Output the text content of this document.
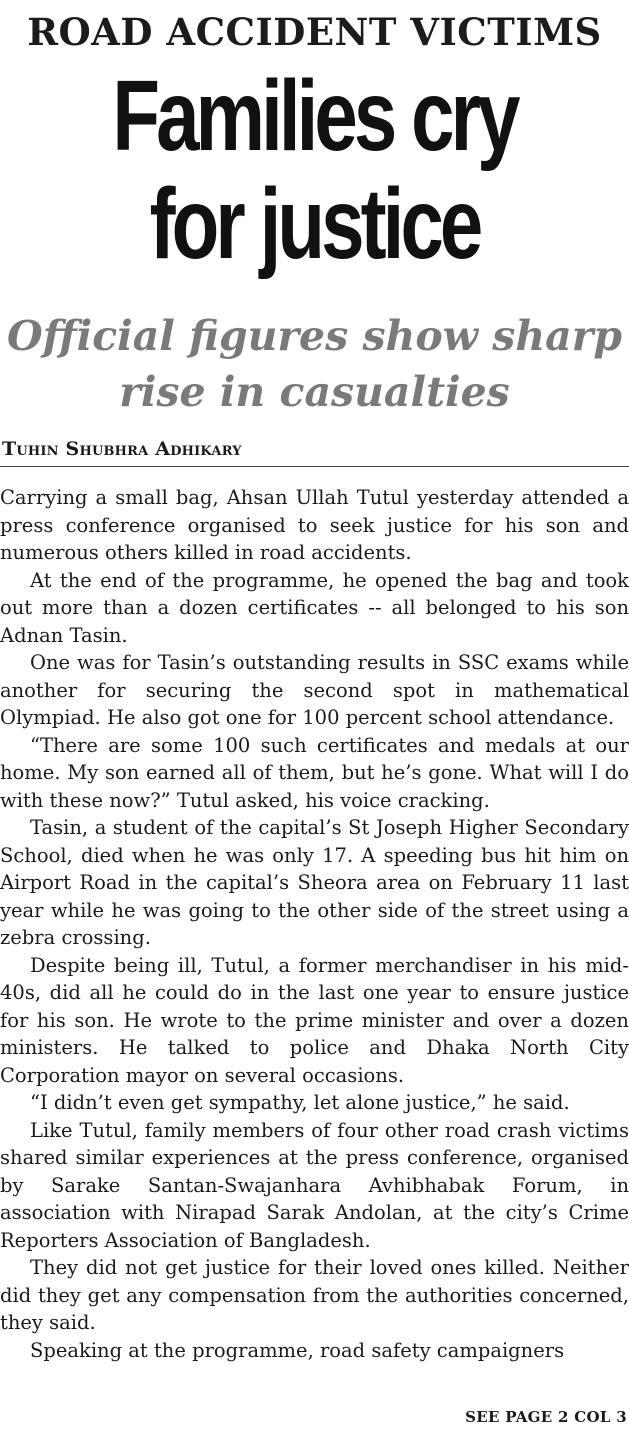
ROAD ACCIDENT VICTIMS
Families cry
for justice
Official figures show sharp
rise in casualties
Tuhin Shubhra Adhikary

Carrying a small bag, Ahsan Ullah Tutul yesterday attended a press conference organised to seek justice for his son and numerous others killed in road accidents.

At the end of the programme, he opened the bag and took out more than a dozen certificates -- all belonged to his son Adnan Tasin.

One was for Tasin’s outstanding results in SSC exams while another for securing the second spot in mathematical Olympiad. He also got one for 100 percent school attendance.

“There are some 100 such certificates and medals at our home. My son earned all of them, but he’s gone. What will I do with these now?” Tutul asked, his voice cracking.

Tasin, a student of the capital’s St Joseph Higher Secondary School, died when he was only 17. A speeding bus hit him on Airport Road in the capital’s Sheora area on February 11 last year while he was going to the other side of the street using a zebra crossing.

Despite being ill, Tutul, a former merchandiser in his mid-40s, did all he could do in the last one year to ensure justice for his son. He wrote to the prime minister and over a dozen ministers. He talked to police and Dhaka North City Corporation mayor on several occasions.

“I didn’t even get sympathy, let alone justice,” he said.

Like Tutul, family members of four other road crash victims shared similar experiences at the press conference, organised by Sarake Santan-Swajanhara Avhibhabak Forum, in association with Nirapad Sarak Andolan, at the city’s Crime Reporters Association of Bangladesh.

They did not get justice for their loved ones killed. Neither did they get any compensation from the authorities concerned, they said.

Speaking at the programme, road safety campaigners

SEE PAGE 2 COL 3
